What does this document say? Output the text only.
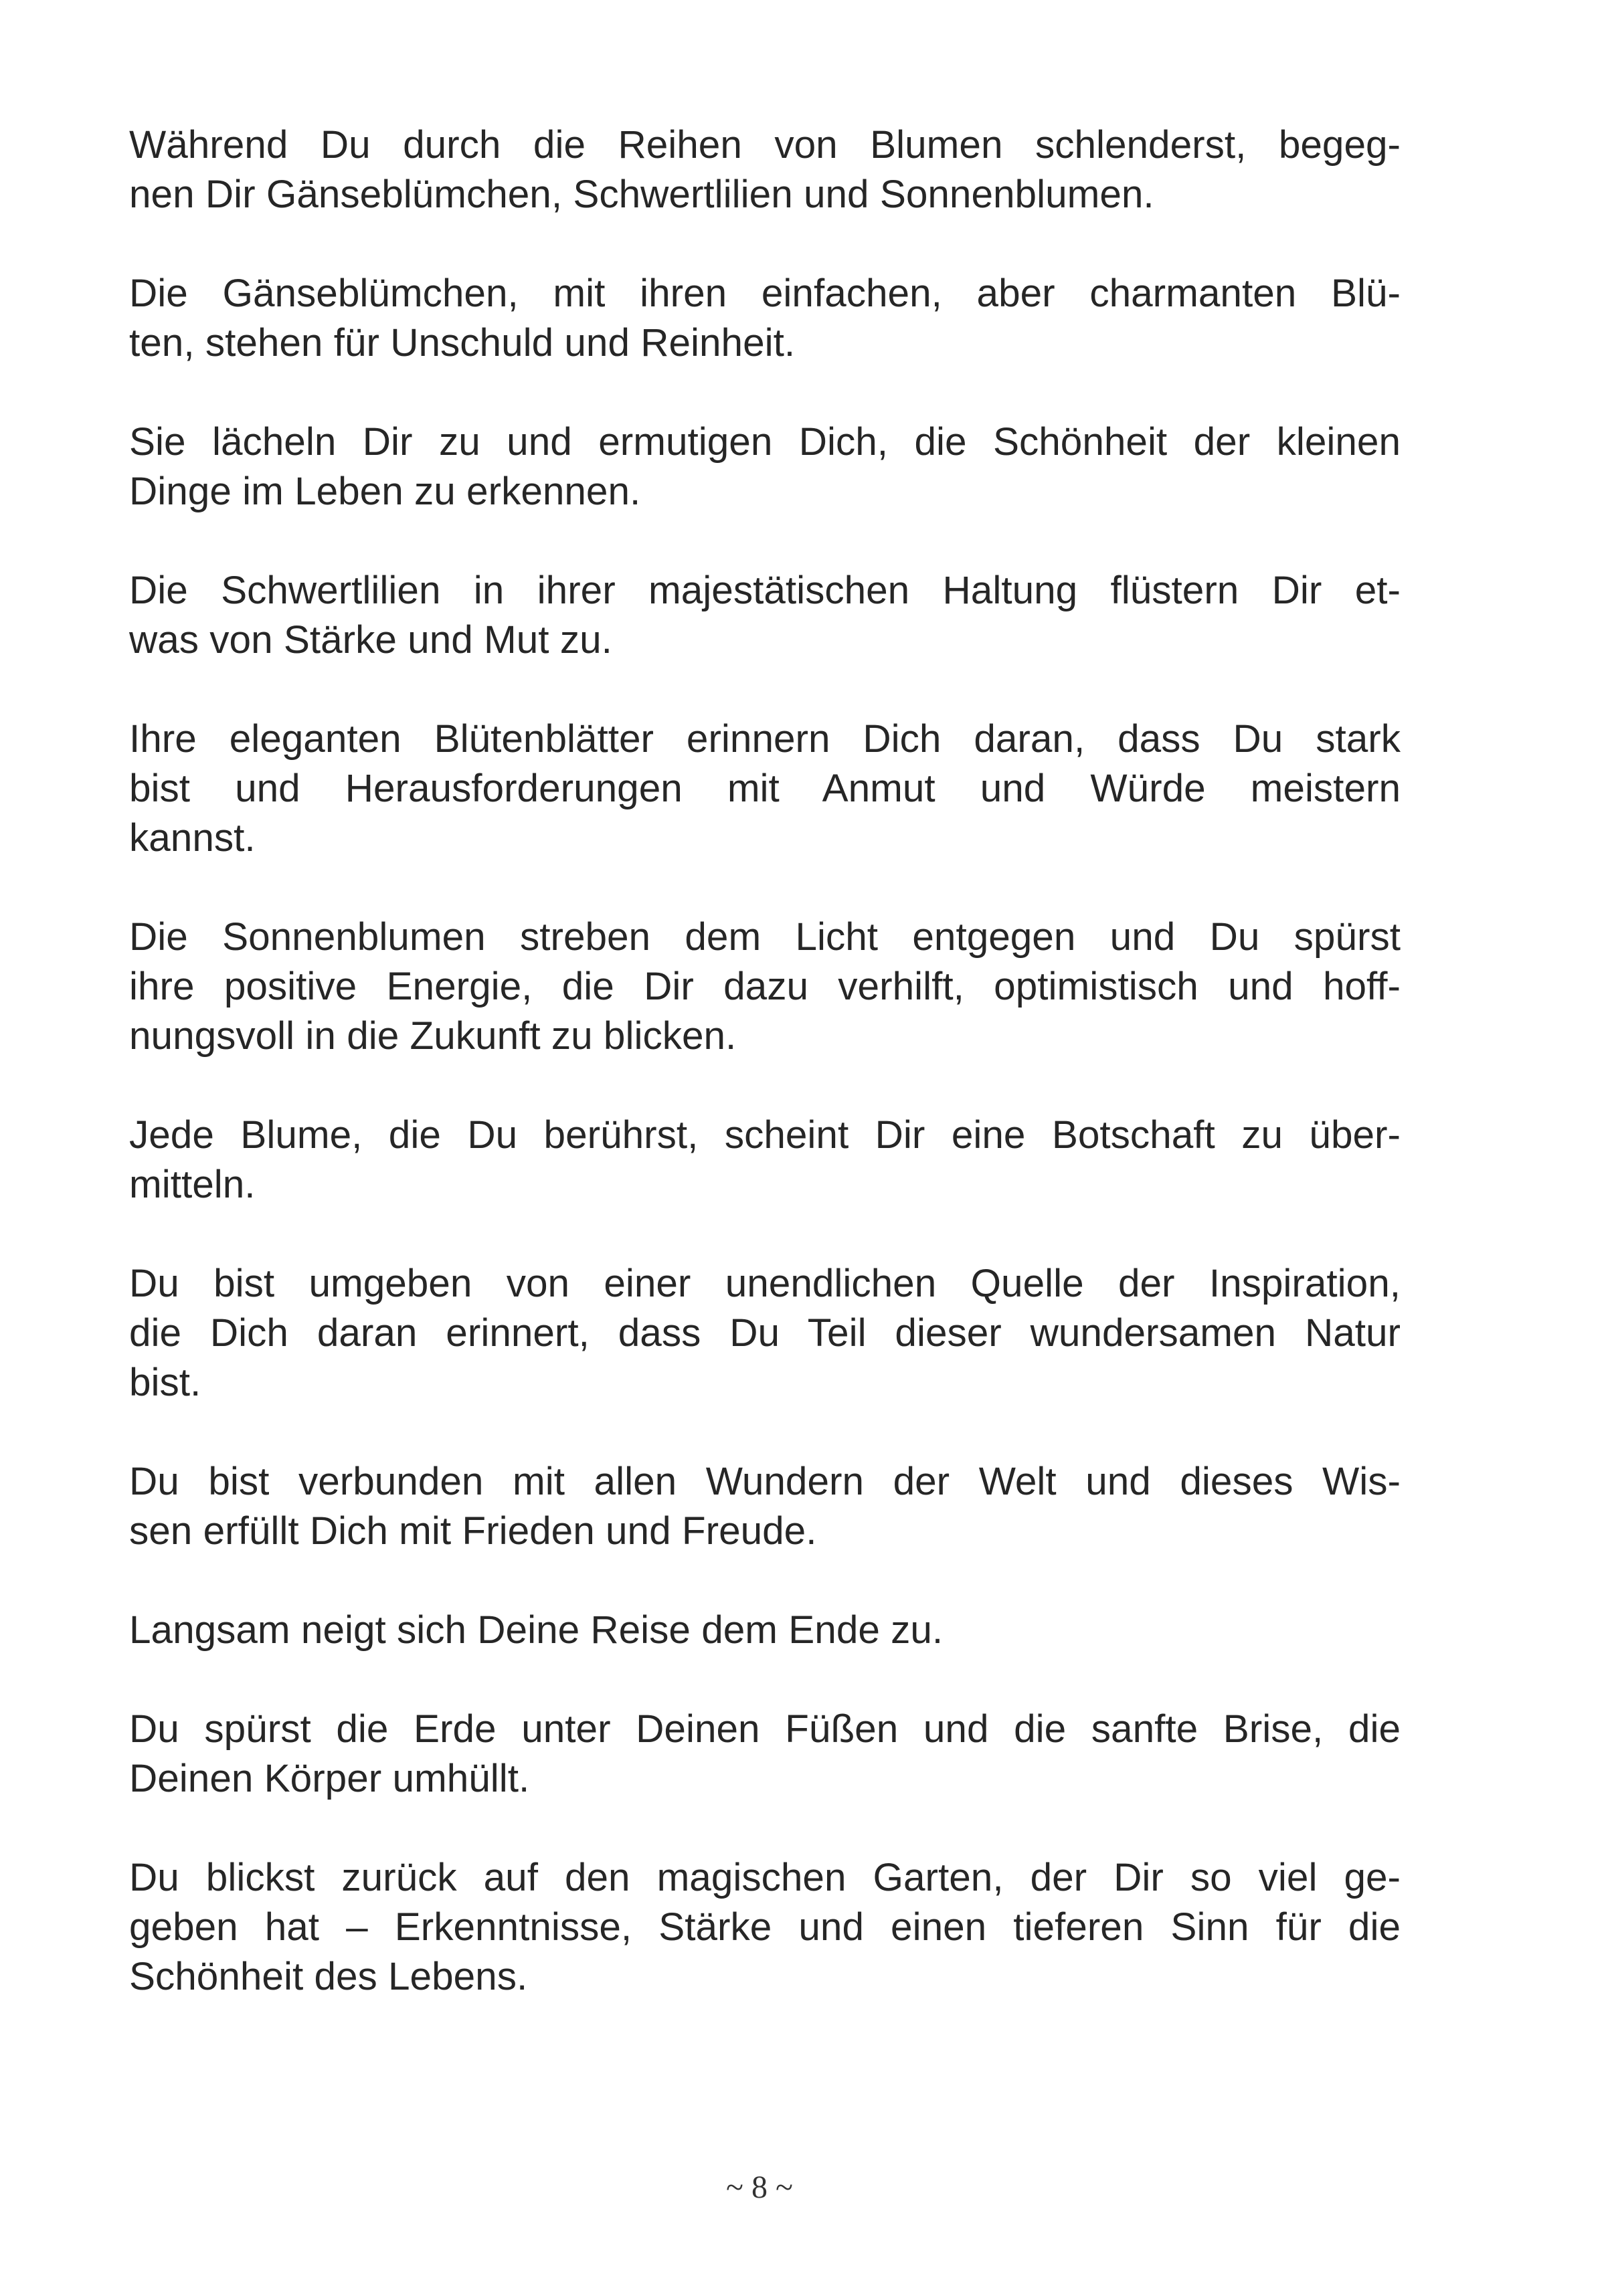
Während Du durch die Reihen von Blumen schlenderst, begeg-
nen Dir Gänseblümchen, Schwertlilien und Sonnenblumen.

Die Gänseblümchen, mit ihren einfachen, aber charmanten Blü-
ten, stehen für Unschuld und Reinheit.

Sie lächeln Dir zu und ermutigen Dich, die Schönheit der kleinen
Dinge im Leben zu erkennen.

Die Schwertlilien in ihrer majestätischen Haltung flüstern Dir et-
was von Stärke und Mut zu.

Ihre eleganten Blütenblätter erinnern Dich daran, dass Du stark
bist und Herausforderungen mit Anmut und Würde meistern
kannst.

Die Sonnenblumen streben dem Licht entgegen und Du spürst
ihre positive Energie, die Dir dazu verhilft, optimistisch und hoff-
nungsvoll in die Zukunft zu blicken.

Jede Blume, die Du berührst, scheint Dir eine Botschaft zu über-
mitteln.

Du bist umgeben von einer unendlichen Quelle der Inspiration,
die Dich daran erinnert, dass Du Teil dieser wundersamen Natur
bist.

Du bist verbunden mit allen Wundern der Welt und dieses Wis-
sen erfüllt Dich mit Frieden und Freude.

Langsam neigt sich Deine Reise dem Ende zu.

Du spürst die Erde unter Deinen Füßen und die sanfte Brise, die
Deinen Körper umhüllt.

Du blickst zurück auf den magischen Garten, der Dir so viel ge-
geben hat – Erkenntnisse, Stärke und einen tieferen Sinn für die
Schönheit des Lebens.

~ 8 ~
